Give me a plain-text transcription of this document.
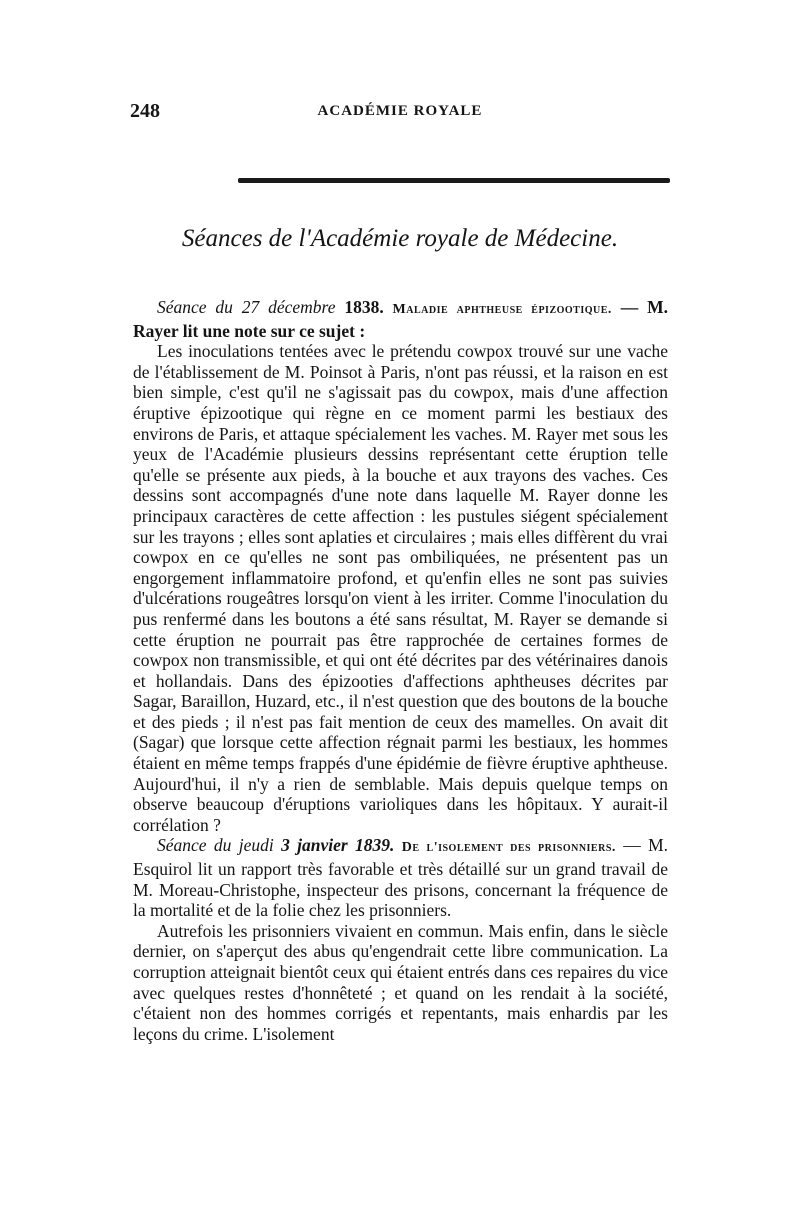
248	ACADÉMIE ROYALE
Séances de l'Académie royale de Médecine.

Séance du 27 décembre 1838. Maladie aphtheuse épizootique. — M. Rayer lit une note sur ce sujet :

Les inoculations tentées avec le prétendu cowpox trouvé sur une vache de l'établissement de M. Poinsot à Paris, n'ont pas réussi, et la raison en est bien simple, c'est qu'il ne s'agissait pas du cowpox, mais d'une affection éruptive épizootique qui règne en ce moment parmi les bestiaux des environs de Paris, et attaque spécialement les vaches. M. Rayer met sous les yeux de l'Académie plusieurs dessins représentant cette éruption telle qu'elle se présente aux pieds, à la bouche et aux trayons des vaches. Ces dessins sont accompagnés d'une note dans laquelle M. Rayer donne les principaux caractères de cette affection : les pustules siégent spécialement sur les trayons ; elles sont aplaties et circulaires ; mais elles diffèrent du vrai cowpox en ce qu'elles ne sont pas ombiliquées, ne présentent pas un engorgement inflammatoire profond, et qu'enfin elles ne sont pas suivies d'ulcérations rougeâtres lorsqu'on vient à les irriter. Comme l'inoculation du pus renfermé dans les boutons a été sans résultat, M. Rayer se demande si cette éruption ne pourrait pas être rapprochée de certaines formes de cowpox non transmissible, et qui ont été décrites par des vétérinaires danois et hollandais. Dans des épizooties d'affections aphtheuses décrites par Sagar, Baraillon, Huzard, etc., il n'est question que des boutons de la bouche et des pieds ; il n'est pas fait mention de ceux des mamelles. On avait dit (Sagar) que lorsque cette affection régnait parmi les bestiaux, les hommes étaient en même temps frappés d'une épidémie de fièvre éruptive aphtheuse. Aujourd'hui, il n'y a rien de semblable. Mais depuis quelque temps on observe beaucoup d'éruptions varioliques dans les hôpitaux. Y aurait-il corrélation ?

Séance du jeudi 3 janvier 1839. De l'isolement des prisonniers. — M. Esquirol lit un rapport très favorable et très détaillé sur un grand travail de M. Moreau-Christophe, inspecteur des prisons, concernant la fréquence de la mortalité et de la folie chez les prisonniers.

Autrefois les prisonniers vivaient en commun. Mais enfin, dans le siècle dernier, on s'aperçut des abus qu'engendrait cette libre communication. La corruption atteignait bientôt ceux qui étaient entrés dans ces repaires du vice avec quelques restes d'honnêteté ; et quand on les rendait à la société, c'étaient non des hommes corrigés et repentants, mais enhardis par les leçons du crime. L'isolement
